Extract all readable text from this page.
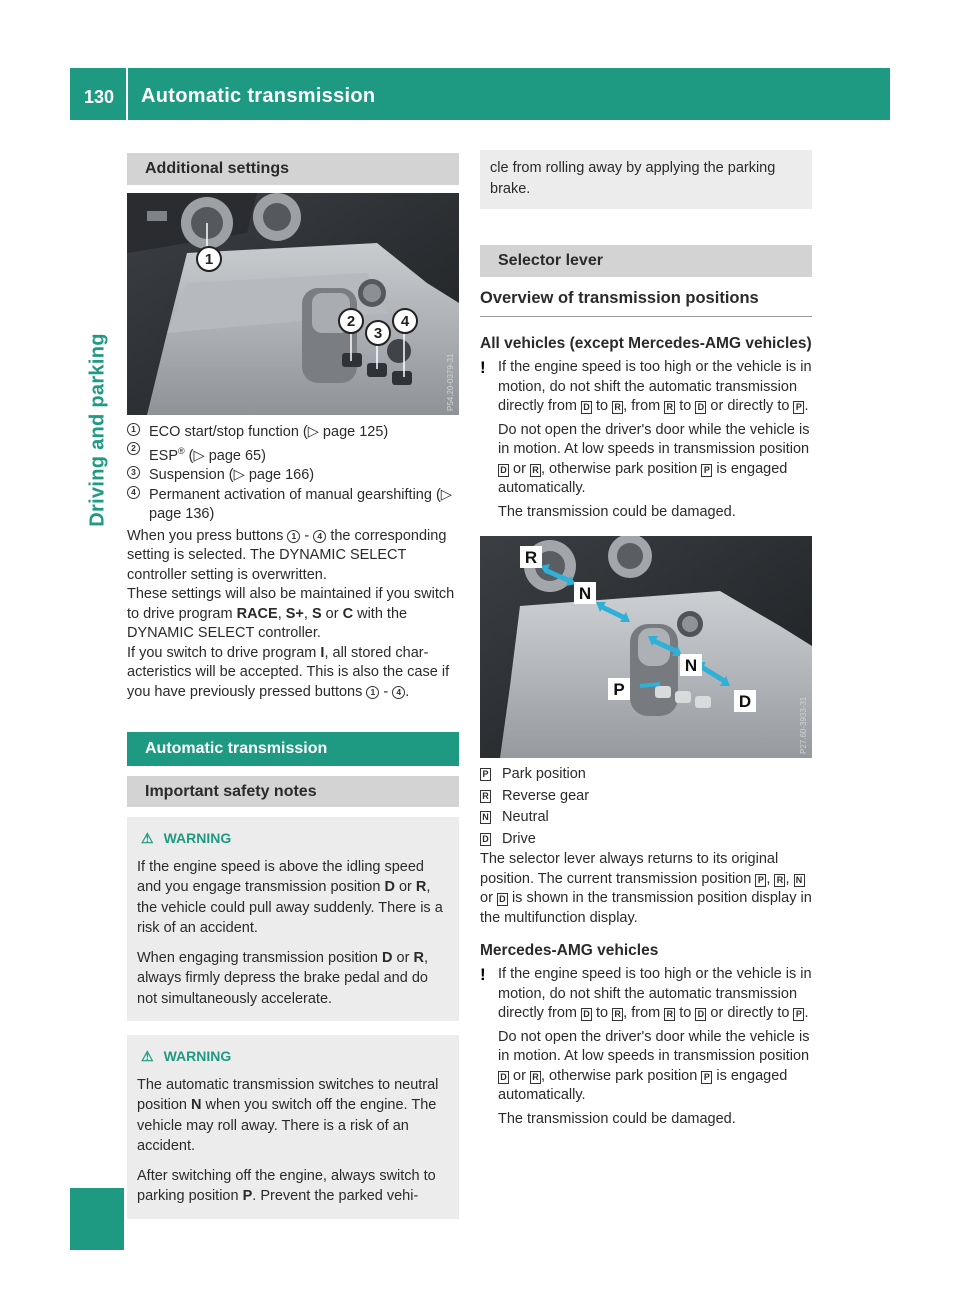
130 Automatic transmission
Driving and parking
Additional settings
1
2
3
4
P54.20-0379-31
1 ECO start/stop function (▷ page 125)
2 ESP® (▷ page 65)
3 Suspension (▷ page 166)
4 Permanent activation of manual gearshifting (▷ page 136)

When you press buttons 1 - 4 the corresponding setting is selected. The DYNAMIC SELECT controller setting is overwritten.

These settings will also be maintained if you switch to drive program RACE, S+, S or C with the DYNAMIC SELECT controller.

If you switch to drive program I, all stored characteristics will be accepted. This is also the case if you have previously pressed buttons 1 - 4 .

Automatic transmission
Important safety notes
⚠ WARNING

If the engine speed is above the idling speed and you engage transmission position D or R, the vehicle could pull away suddenly. There is a risk of an accident.

When engaging transmission position D or R, always firmly depress the brake pedal and do not simultaneously accelerate.

⚠ WARNING

The automatic transmission switches to neutral position N when you switch off the engine. The vehicle may roll away. There is a risk of an accident.

After switching off the engine, always switch to parking position P. Prevent the parked vehi-

cle from rolling away by applying the parking brake.
Selector lever
Overview of transmission positions
All vehicles (except Mercedes-AMG vehicles)
! If the engine speed is too high or the vehicle is in motion, do not shift the automatic transmission directly from D to R , from R to D or directly to P .

Do not open the driver's door while the vehicle is in motion. At low speeds in transmission position D or R , otherwise park position P is engaged automatically.

The transmission could be damaged.

R
N
N
P
D	P27.60-3933-31
P Park position
R Reverse gear
N Neutral
D Drive

The selector lever always returns to its original position. The current transmission position P , R , N or D is shown in the transmission position display in the multifunction display.

Mercedes-AMG vehicles
! If the engine speed is too high or the vehicle is in motion, do not shift the automatic transmission directly from D to R , from R to D or directly to P .

Do not open the driver's door while the vehicle is in motion. At low speeds in transmission position D or R , otherwise park position P is engaged automatically.

The transmission could be damaged.
